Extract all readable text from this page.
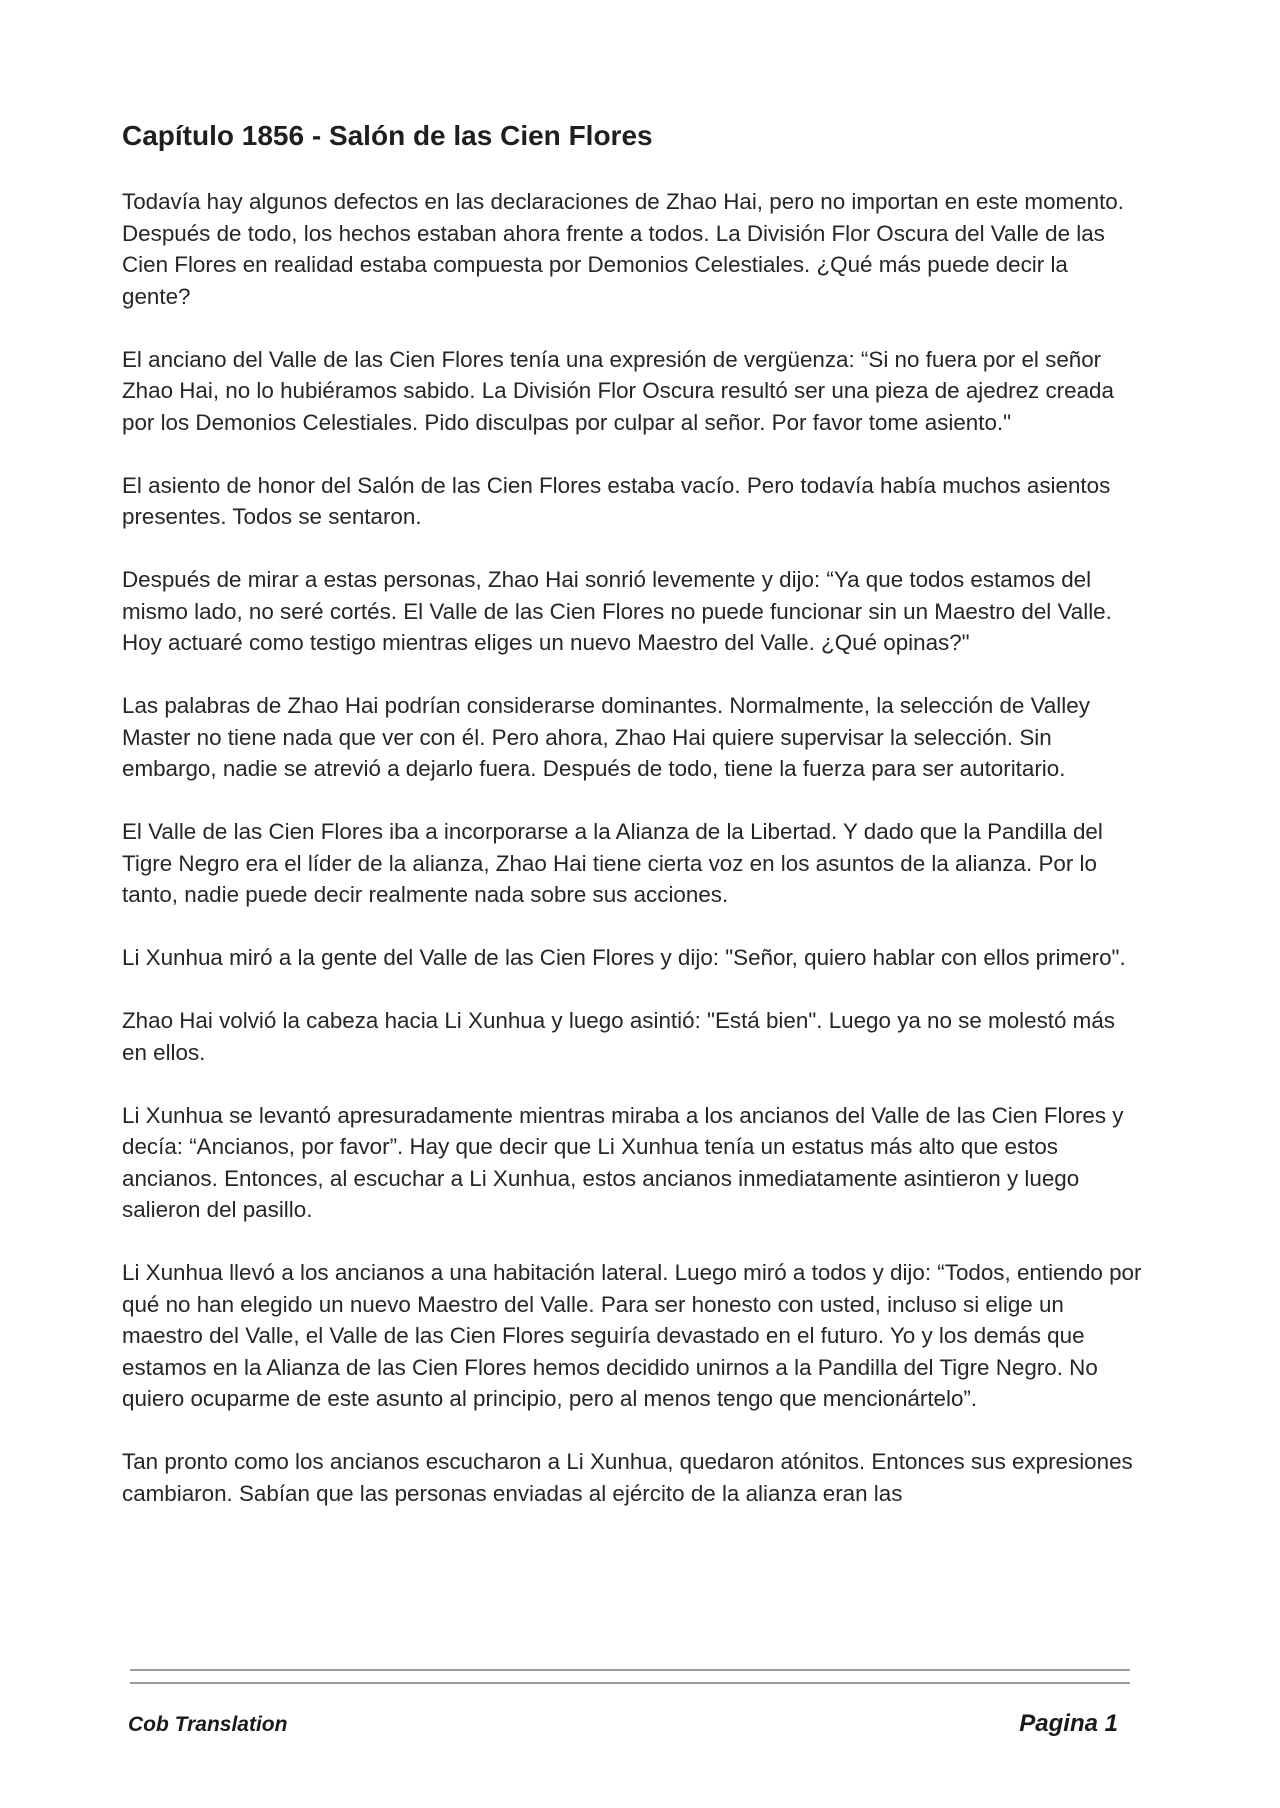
Capítulo 1856 - Salón de las Cien Flores

Todavía hay algunos defectos en las declaraciones de Zhao Hai, pero no importan en este momento. Después de todo, los hechos estaban ahora frente a todos. La División Flor Oscura del Valle de las Cien Flores en realidad estaba compuesta por Demonios Celestiales. ¿Qué más puede decir la gente?

El anciano del Valle de las Cien Flores tenía una expresión de vergüenza: “Si no fuera por el señor Zhao Hai, no lo hubiéramos sabido. La División Flor Oscura resultó ser una pieza de ajedrez creada por los Demonios Celestiales. Pido disculpas por culpar al señor. Por favor tome asiento."

El asiento de honor del Salón de las Cien Flores estaba vacío. Pero todavía había muchos asientos presentes. Todos se sentaron.

Después de mirar a estas personas, Zhao Hai sonrió levemente y dijo: “Ya que todos estamos del mismo lado, no seré cortés. El Valle de las Cien Flores no puede funcionar sin un Maestro del Valle. Hoy actuaré como testigo mientras eliges un nuevo Maestro del Valle. ¿Qué opinas?"

Las palabras de Zhao Hai podrían considerarse dominantes. Normalmente, la selección de Valley Master no tiene nada que ver con él. Pero ahora, Zhao Hai quiere supervisar la selección. Sin embargo, nadie se atrevió a dejarlo fuera. Después de todo, tiene la fuerza para ser autoritario.

El Valle de las Cien Flores iba a incorporarse a la Alianza de la Libertad. Y dado que la Pandilla del Tigre Negro era el líder de la alianza, Zhao Hai tiene cierta voz en los asuntos de la alianza. Por lo tanto, nadie puede decir realmente nada sobre sus acciones.

Li Xunhua miró a la gente del Valle de las Cien Flores y dijo: "Señor, quiero hablar con ellos primero".

Zhao Hai volvió la cabeza hacia Li Xunhua y luego asintió: "Está bien". Luego ya no se molestó más en ellos.

Li Xunhua se levantó apresuradamente mientras miraba a los ancianos del Valle de las Cien Flores y decía: “Ancianos, por favor”. Hay que decir que Li Xunhua tenía un estatus más alto que estos ancianos. Entonces, al escuchar a Li Xunhua, estos ancianos inmediatamente asintieron y luego salieron del pasillo.

Li Xunhua llevó a los ancianos a una habitación lateral. Luego miró a todos y dijo: “Todos, entiendo por qué no han elegido un nuevo Maestro del Valle. Para ser honesto con usted, incluso si elige un maestro del Valle, el Valle de las Cien Flores seguiría devastado en el futuro. Yo y los demás que estamos en la Alianza de las Cien Flores hemos decidido unirnos a la Pandilla del Tigre Negro. No quiero ocuparme de este asunto al principio, pero al menos tengo que mencionártelo”.

Tan pronto como los ancianos escucharon a Li Xunhua, quedaron atónitos. Entonces sus expresiones cambiaron. Sabían que las personas enviadas al ejército de la alianza eran las

Cob Translation	Pagina 1
